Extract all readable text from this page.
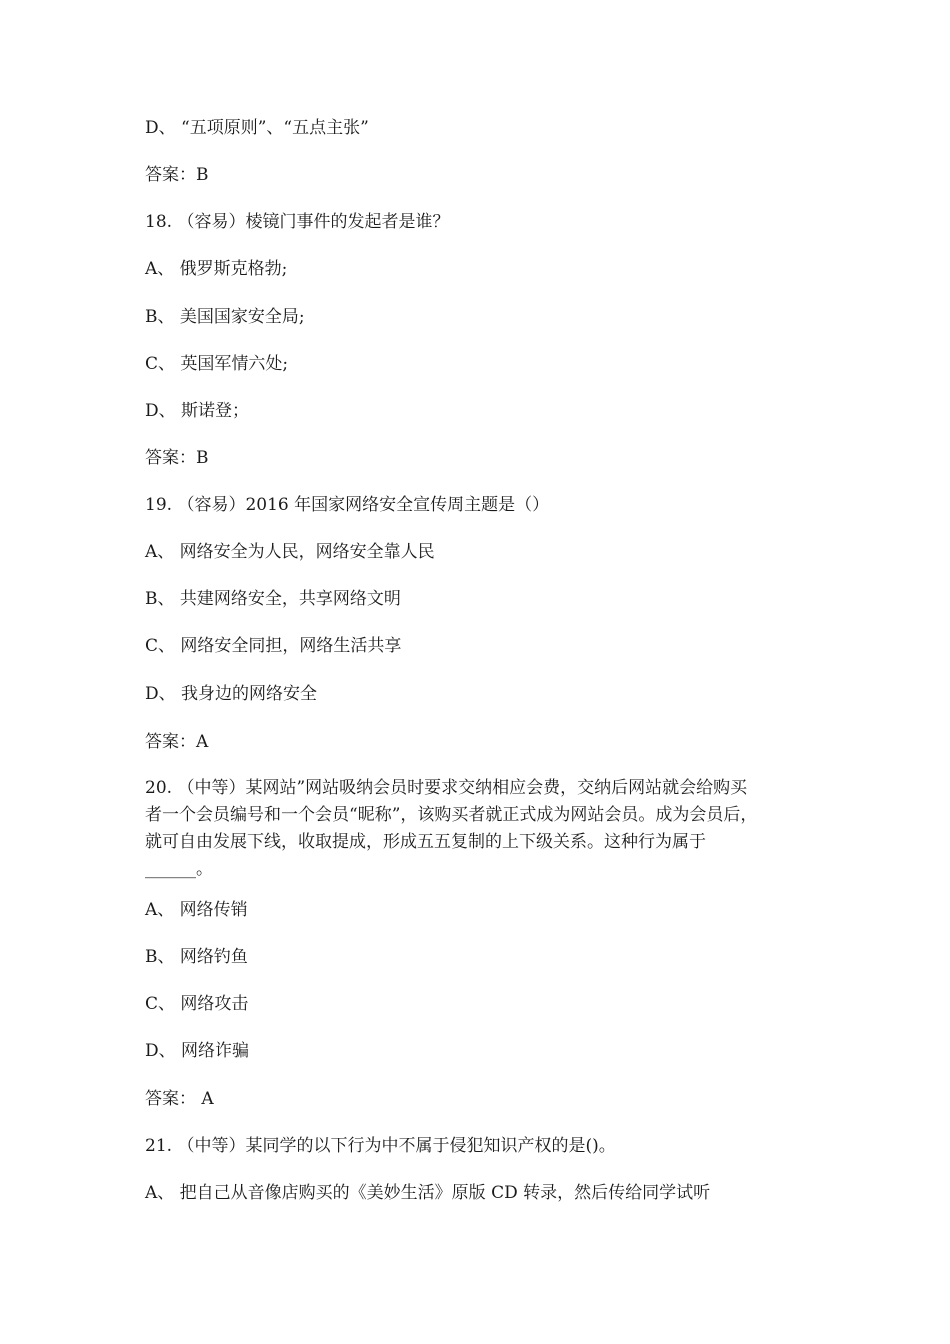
D、 “五项原则”、“五点主张”
答案：B
18. （容易）棱镜门事件的发起者是谁？
A、 俄罗斯克格勃;
B、 美国国家安全局;
C、 英国军情六处;
D、 斯诺登；
答案：B
19. （容易）2016 年国家网络安全宣传周主题是（）
A、 网络安全为人民，网络安全靠人民
B、 共建网络安全，共享网络文明
C、 网络安全同担，网络生活共享
D、 我身边的网络安全
答案：A
20. （中等）某网站”网站吸纳会员时要求交纳相应会费，交纳后网站就会给购买
者一个会员编号和一个会员“昵称”，该购买者就正式成为网站会员。成为会员后，
就可自由发展下线，收取提成，形成五五复制的上下级关系。这种行为属于
______。
A、 网络传销
B、 网络钓鱼
C、 网络攻击
D、 网络诈骗
答案： A
21. （中等）某同学的以下行为中不属于侵犯知识产权的是()。
A、 把自己从音像店购买的《美妙生活》原版 CD 转录，然后传给同学试听
